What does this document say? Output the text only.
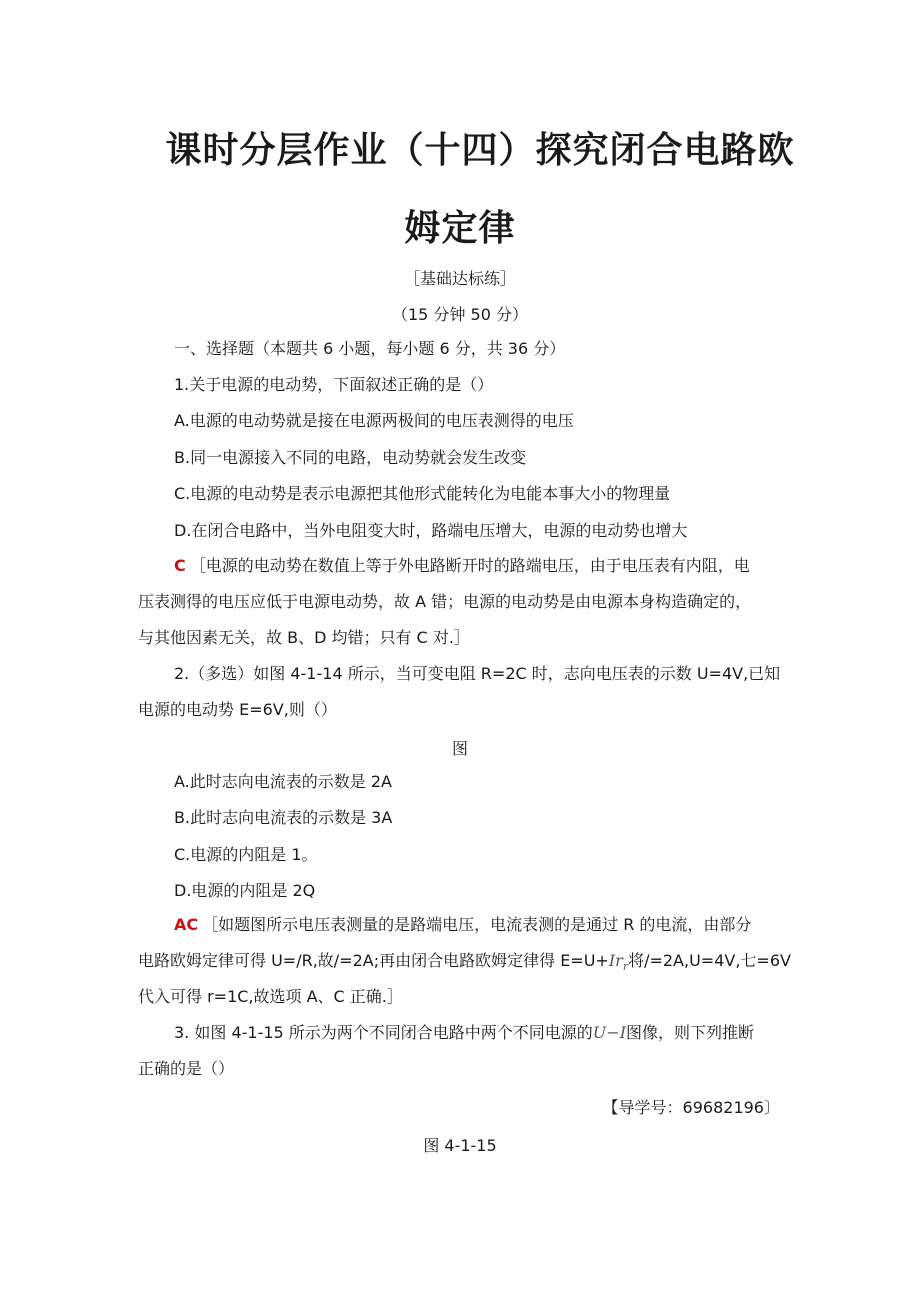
课时分层作业（十四）探究闭合电路欧
姆定律
［基础达标练］
（15 分钟 50 分）
一、选择题（本题共 6 小题，每小题 6 分，共 36 分）
1.关于电源的电动势，下面叙述正确的是（）
A.电源的电动势就是接在电源两极间的电压表测得的电压
B.同一电源接入不同的电路，电动势就会发生改变
C.电源的电动势是表示电源把其他形式能转化为电能本事大小的物理量
D.在闭合电路中，当外电阻变大时，路端电压增大，电源的电动势也增大
C ［电源的电动势在数值上等于外电路断开时的路端电压，由于电压表有内阻，电
压表测得的电压应低于电源电动势，故 A 错；电源的电动势是由电源本身构造确定的，
与其他因素无关，故 B、D 均错；只有 C 对.］
2.（多选）如图 4-1-14 所示，当可变电阻 R=2C 时，志向电压表的示数 U=4V,已知
电源的电动势 E=6V,则（）
图
A.此时志向电流表的示数是 2A
B.此时志向电流表的示数是 3A
C.电源的内阻是 1。
D.电源的内阻是 2Q
AC ［如题图所示电压表测量的是路端电压，电流表测的是通过 R 的电流，由部分
电路欧姆定律可得 U=/R,故/=2A;再由闭合电路欧姆定律得 $E=U+Ir_r$将/=2A,U=4V,七=6V
代入可得 r=1C,故选项 A、C 正确.］
3. 如图 4-1-15 所示为两个不同闭合电路中两个不同电源的U−I图像，则下列推断
正确的是（）
【导学号：69682196〕
图 4-1-15
